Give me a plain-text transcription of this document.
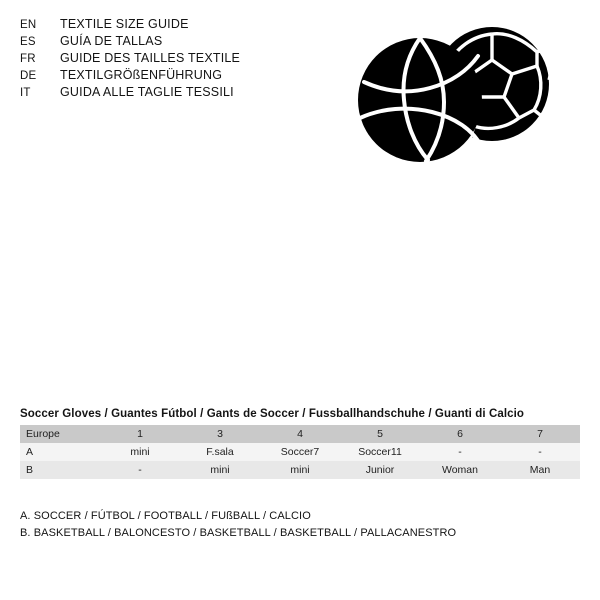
EN	TEXTILE SIZE GUIDE
ES	GUÍA DE TALLAS
FR	GUIDE DES TAILLES TEXTILE
DE	TEXTILGRÖßENFÜHRUNG
IT	GUIDA ALLE TAGLIE TESSILI
Soccer Gloves / Guantes Fútbol / Gants de Soccer / Fussballhandschuhe / Guanti di Calcio
Europe	1	3	4	5	6	7
A	mini	F.sala	Soccer7	Soccer11	-	-
B	-	mini	mini	Junior	Woman	Man
A. SOCCER / FÚTBOL / FOOTBALL / FUßBALL / CALCIO
B. BASKETBALL / BALONCESTO / BASKETBALL / BASKETBALL / PALLACANESTRO
